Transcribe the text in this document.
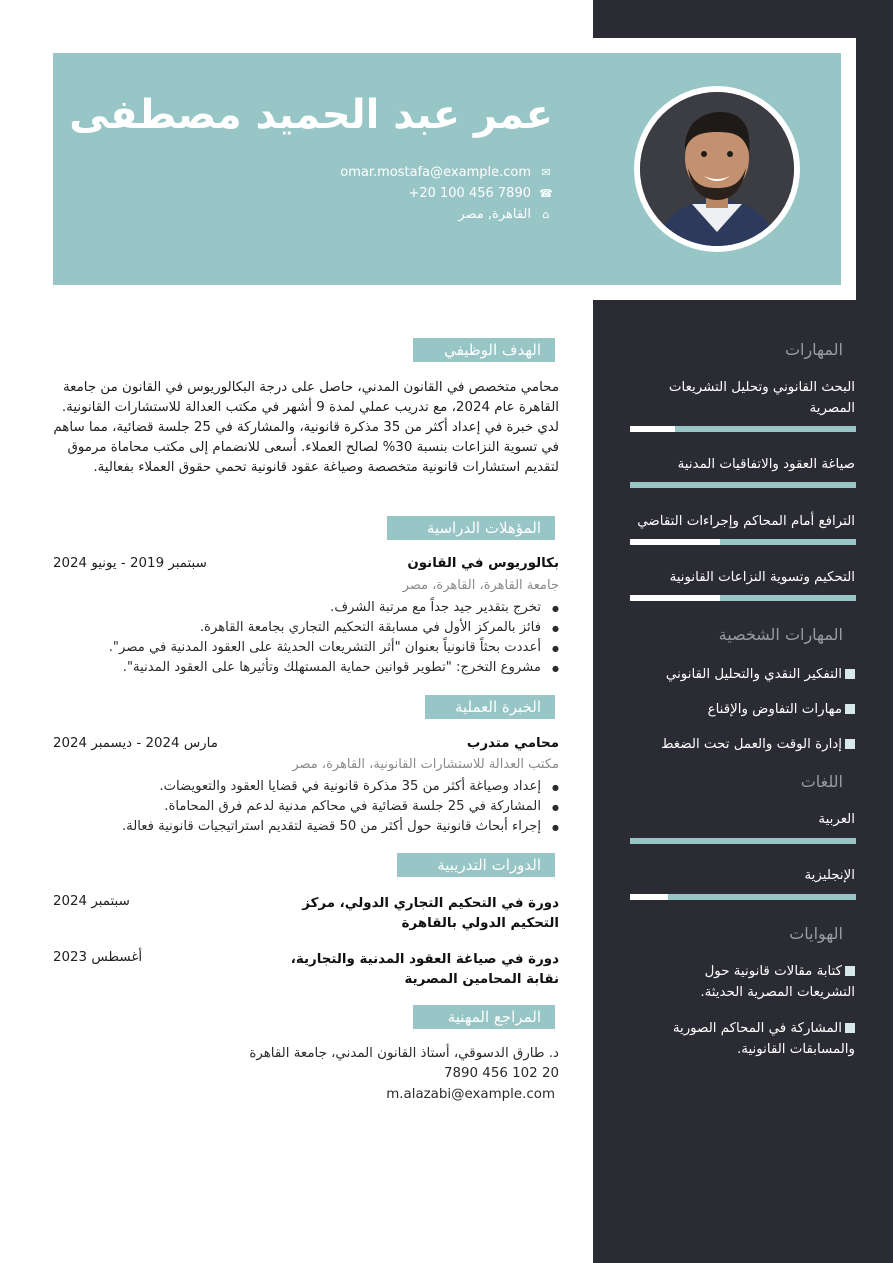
عمر عبد الحميد مصطفى
✉
omar.mostafa@example.com
☎
+20 100 456 7890
⌂
القاهرة, مصر
الهدف الوظيفي
محامي متخصص في القانون المدني، حاصل على درجة البكالوريوس في القانون من جامعة القاهرة عام 2024، مع تدريب عملي لمدة 9 أشهر في مكتب العدالة للاستشارات القانونية. لدي خبرة في إعداد أكثر من 35 مذكرة قانونية، والمشاركة في 25 جلسة قضائية، مما ساهم في تسوية النزاعات بنسبة 30% لصالح العملاء. أسعى للانضمام إلى مكتب محاماة مرموق لتقديم استشارات قانونية متخصصة وصياغة عقود قانونية تحمي حقوق العملاء بفعالية.
المؤهلات الدراسية
بكالوريوس في القانون
سبتمبر 2019 - يونيو 2024
جامعة القاهرة، القاهرة، مصر
● تخرج بتقدير جيد جداً مع مرتبة الشرف.
● فائز بالمركز الأول في مسابقة التحكيم التجاري بجامعة القاهرة.
● أعددت بحثاً قانونياً بعنوان "أثر التشريعات الحديثة على العقود المدنية في مصر".
● مشروع التخرج: "تطوير قوانين حماية المستهلك وتأثيرها على العقود المدنية".
الخبرة العملية
محامي متدرب
مارس 2024 - ديسمبر 2024
مكتب العدالة للاستشارات القانونية، القاهرة، مصر
● إعداد وصياغة أكثر من 35 مذكرة قانونية في قضايا العقود والتعويضات.
● المشاركة في 25 جلسة قضائية في محاكم مدنية لدعم فرق المحاماة.
● إجراء أبحاث قانونية حول أكثر من 50 قضية لتقديم استراتيجيات قانونية فعالة.
الدورات التدريبية
دورة في التحكيم التجاري الدولي، مركز التحكيم الدولي بالقاهرة
سبتمبر 2024
دورة في صياغة العقود المدنية والتجارية، نقابة المحامين المصرية
أغسطس 2023
المراجع المهنية
د. طارق الدسوقي، أستاذ القانون المدني، جامعة القاهرة
20 102 456 7890
m.alazabi@example.com
المهارات
البحث القانوني وتحليل التشريعات المصرية
صياغة العقود والاتفاقيات المدنية
الترافع أمام المحاكم وإجراءات التقاضي
التحكيم وتسوية النزاعات القانونية
المهارات الشخصية
التفكير النقدي والتحليل القانوني
مهارات التفاوض والإقناع
إدارة الوقت والعمل تحت الضغط
اللغات
العربية
الإنجليزية
الهوايات
كتابة مقالات قانونية حول التشريعات المصرية الحديثة.
المشاركة في المحاكم الصورية والمسابقات القانونية.
